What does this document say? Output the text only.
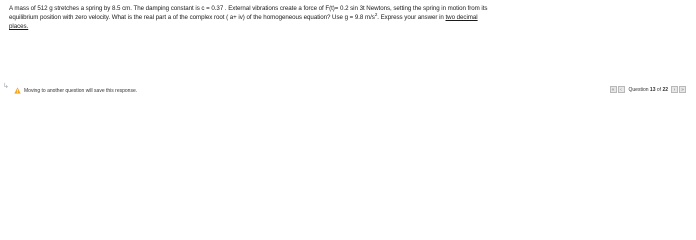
A mass of 512 g stretches a spring by 8.5 cm. The damping constant is c = 0.37 . External vibrations create a force of F(t)= 0.2 sin 3t Newtons, setting the spring in motion from its
equilibrium position with zero velocity. What is the real part a of the complex root ( a+ iv) of the homogeneous equation? Use g = 9.8 $m/s^2$. Express your answer in two decimal
places.
↳
Moving to another question will save this response.	«	‹	Question 13 of 22	›	»
